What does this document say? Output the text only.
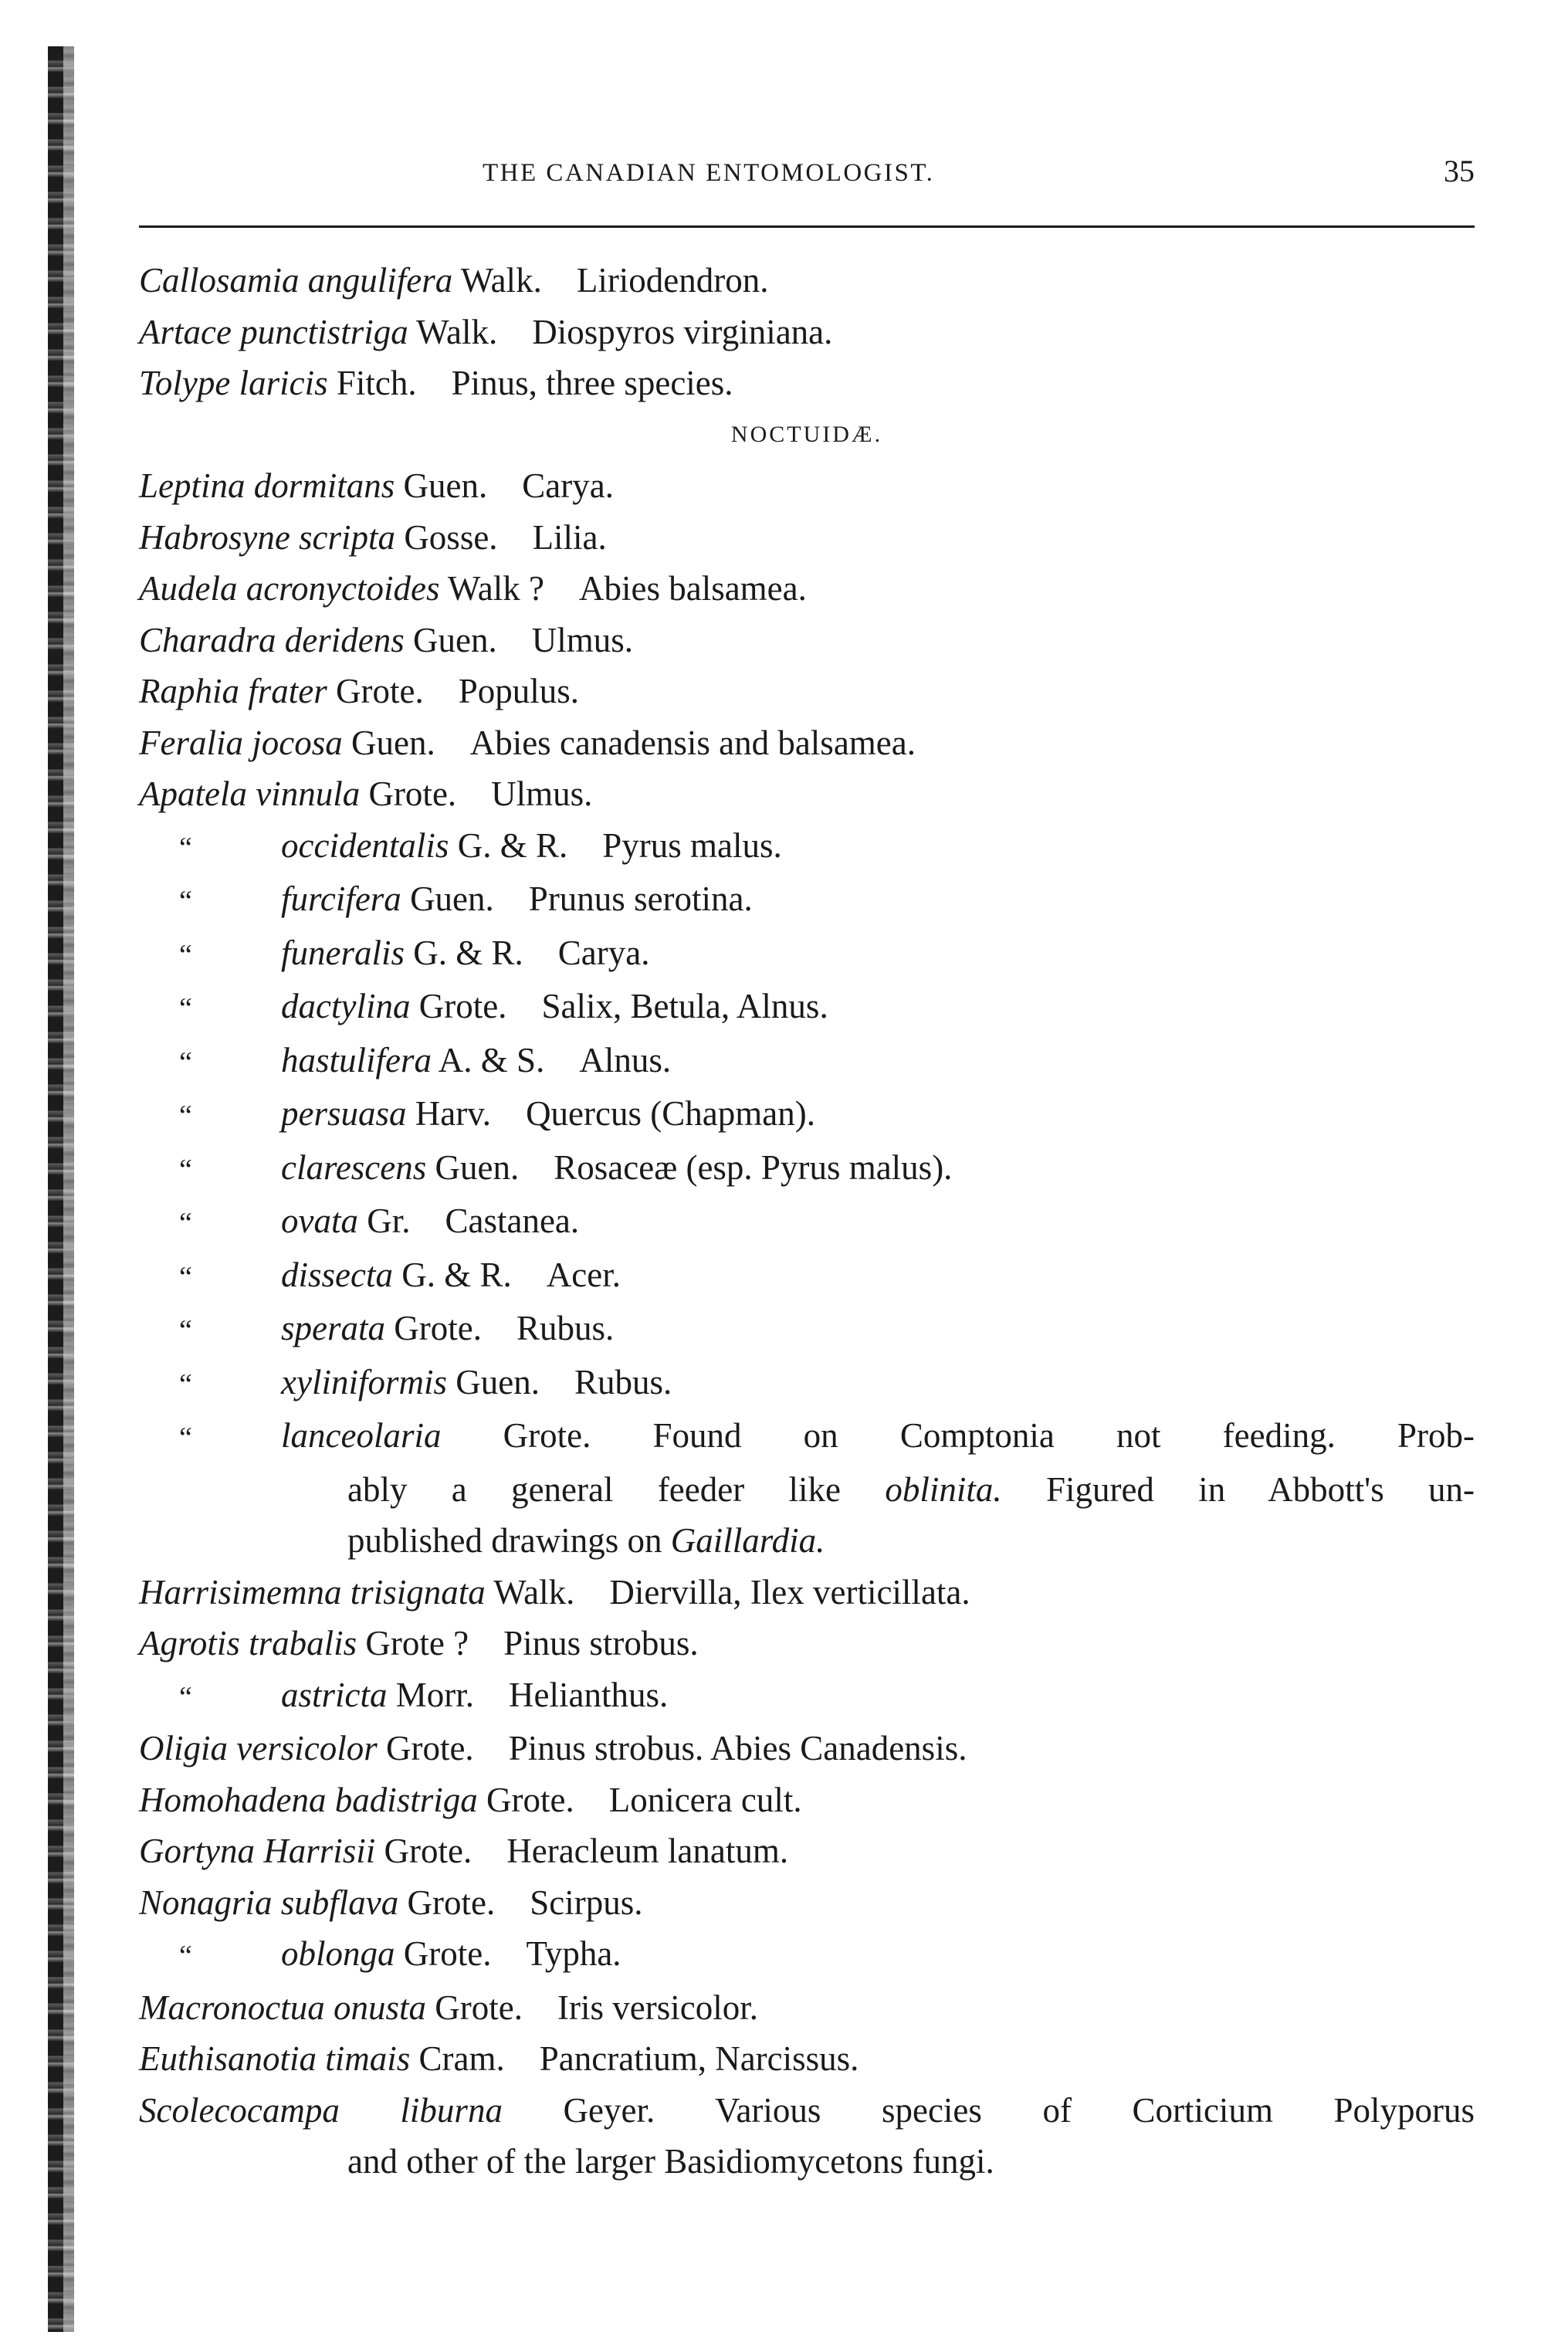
THE CANADIAN ENTOMOLOGIST.	35
Callosamia angulifera Walk.  Liriodendron.
Artace punctistriga Walk.  Diospyros virginiana.
Tolype laricis Fitch.  Pinus, three species.
NOCTUIDÆ.
Leptina dormitans Guen.  Carya.
Habrosyne scripta Gosse.  Lilia.
Audela acronyctoides Walk ?  Abies balsamea.
Charadra deridens Guen.  Ulmus.
Raphia frater Grote.  Populus.
Feralia jocosa Guen.  Abies canadensis and balsamea.
Apatela vinnula Grote.  Ulmus.
“	occidentalis G. & R.  Pyrus malus.
“	furcifera Guen.  Prunus serotina.
“	funeralis G. & R.  Carya.
“	dactylina Grote.  Salix, Betula, Alnus.
“	hastulifera A. & S.  Alnus.
“	persuasa Harv.  Quercus (Chapman).
“	clarescens Guen.  Rosaceæ (esp. Pyrus malus).
“	ovata Gr.  Castanea.
“	dissecta G. & R.  Acer.
“	sperata Grote.  Rubus.
“	xyliniformis Guen.  Rubus.
“	lanceolaria Grote. Found on Comptonia not feeding. Prob-
ably a general feeder like oblinita. Figured in Abbott's un-
published drawings on Gaillardia.
Harrisimemna trisignata Walk.  Diervilla, Ilex verticillata.
Agrotis trabalis Grote ?  Pinus strobus.
“	astricta Morr.  Helianthus.
Oligia versicolor Grote.  Pinus strobus. Abies Canadensis.
Homohadena badistriga Grote.  Lonicera cult.
Gortyna Harrisii Grote.  Heracleum lanatum.
Nonagria subflava Grote.  Scirpus.
“	oblonga Grote.  Typha.
Macronoctua onusta Grote.  Iris versicolor.
Euthisanotia timais Cram.  Pancratium, Narcissus.
Scolecocampa liburna Geyer. Various species of Corticium Polyporus
and other of the larger Basidiomycetons fungi.
